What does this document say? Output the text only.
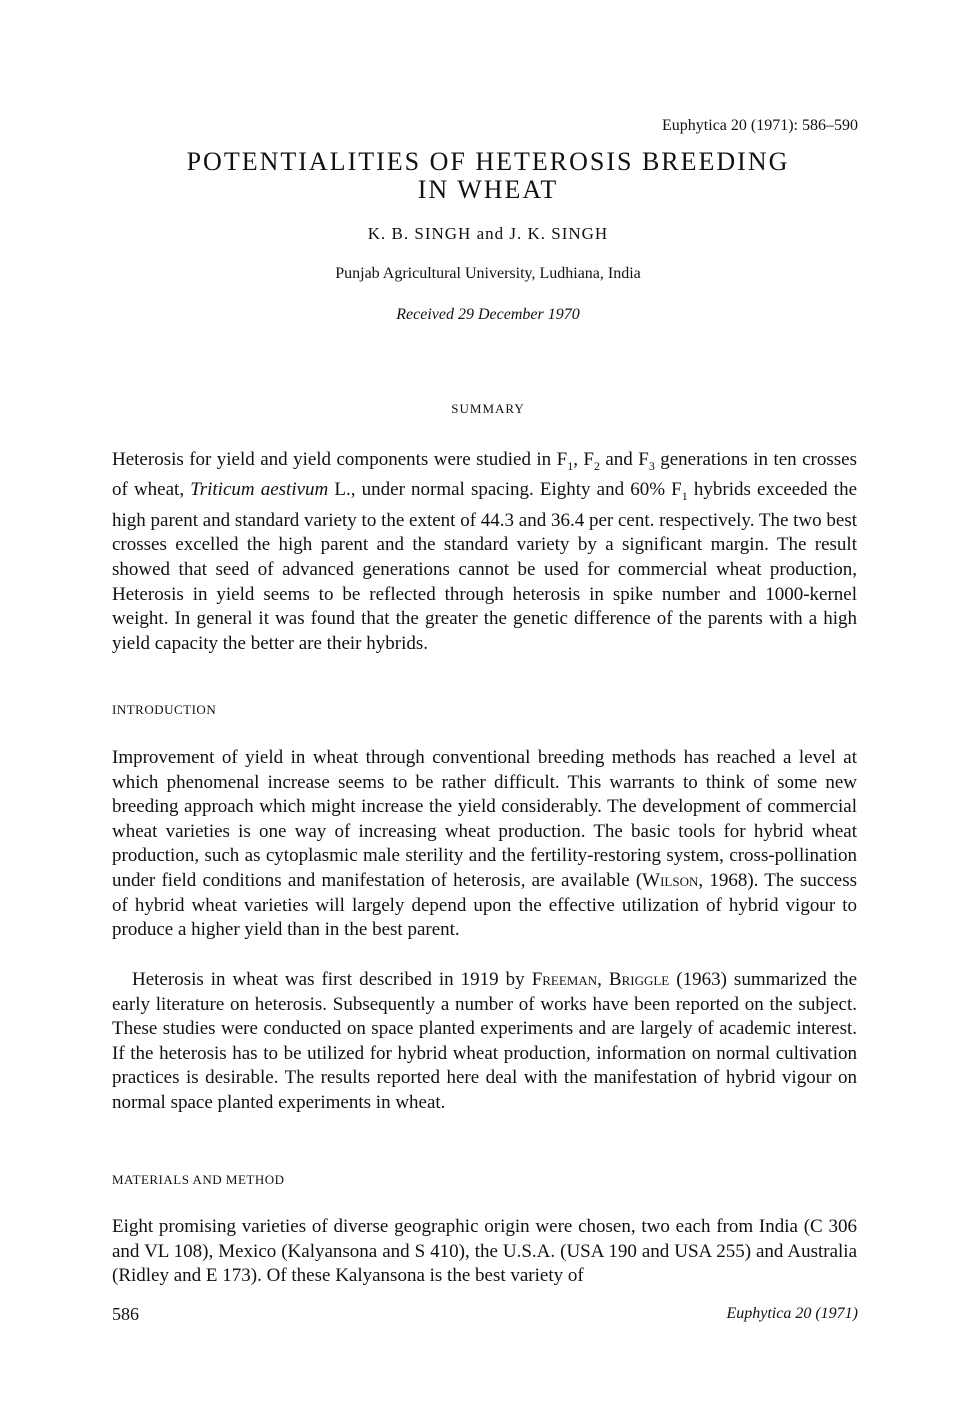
Euphytica 20 (1971): 586–590
POTENTIALITIES OF HETEROSIS BREEDING
IN WHEAT
K. B. SINGH and J. K. SINGH
Punjab Agricultural University, Ludhiana, India
Received 29 December 1970
SUMMARY

Heterosis for yield and yield components were studied in $F_1$, $F_2$ and $F_3$ generations in ten crosses of wheat, Triticum aestivum L., under normal spacing. Eighty and 60% $F_1$ hybrids exceeded the high parent and standard variety to the extent of 44.3 and 36.4 per cent. respectively. The two best crosses excelled the high parent and the standard variety by a significant margin. The result showed that seed of advanced generations cannot be used for commercial wheat production, Heterosis in yield seems to be reflected through heterosis in spike number and 1000-kernel weight. In general it was found that the greater the genetic difference of the parents with a high yield capacity the better are their hybrids.

INTRODUCTION

Improvement of yield in wheat through conventional breeding methods has reached a level at which phenomenal increase seems to be rather difficult. This warrants to think of some new breeding approach which might increase the yield considerably. The development of commercial wheat varieties is one way of increasing wheat production. The basic tools for hybrid wheat production, such as cytoplasmic male sterility and the fertility-restoring system, cross-pollination under field conditions and manifestation of heterosis, are available (Wilson, 1968). The success of hybrid wheat varieties will largely depend upon the effective utilization of hybrid vigour to produce a higher yield than in the best parent.

Heterosis in wheat was first described in 1919 by Freeman, Briggle (1963) summarized the early literature on heterosis. Subsequently a number of works have been reported on the subject. These studies were conducted on space planted experiments and are largely of academic interest. If the heterosis has to be utilized for hybrid wheat production, information on normal cultivation practices is desirable. The results reported here deal with the manifestation of hybrid vigour on normal space planted experiments in wheat.

MATERIALS AND METHOD

Eight promising varieties of diverse geographic origin were chosen, two each from India (C 306 and VL 108), Mexico (Kalyansona and S 410), the U.S.A. (USA 190 and USA 255) and Australia (Ridley and E 173). Of these Kalyansona is the best variety of

586	Euphytica 20 (1971)
